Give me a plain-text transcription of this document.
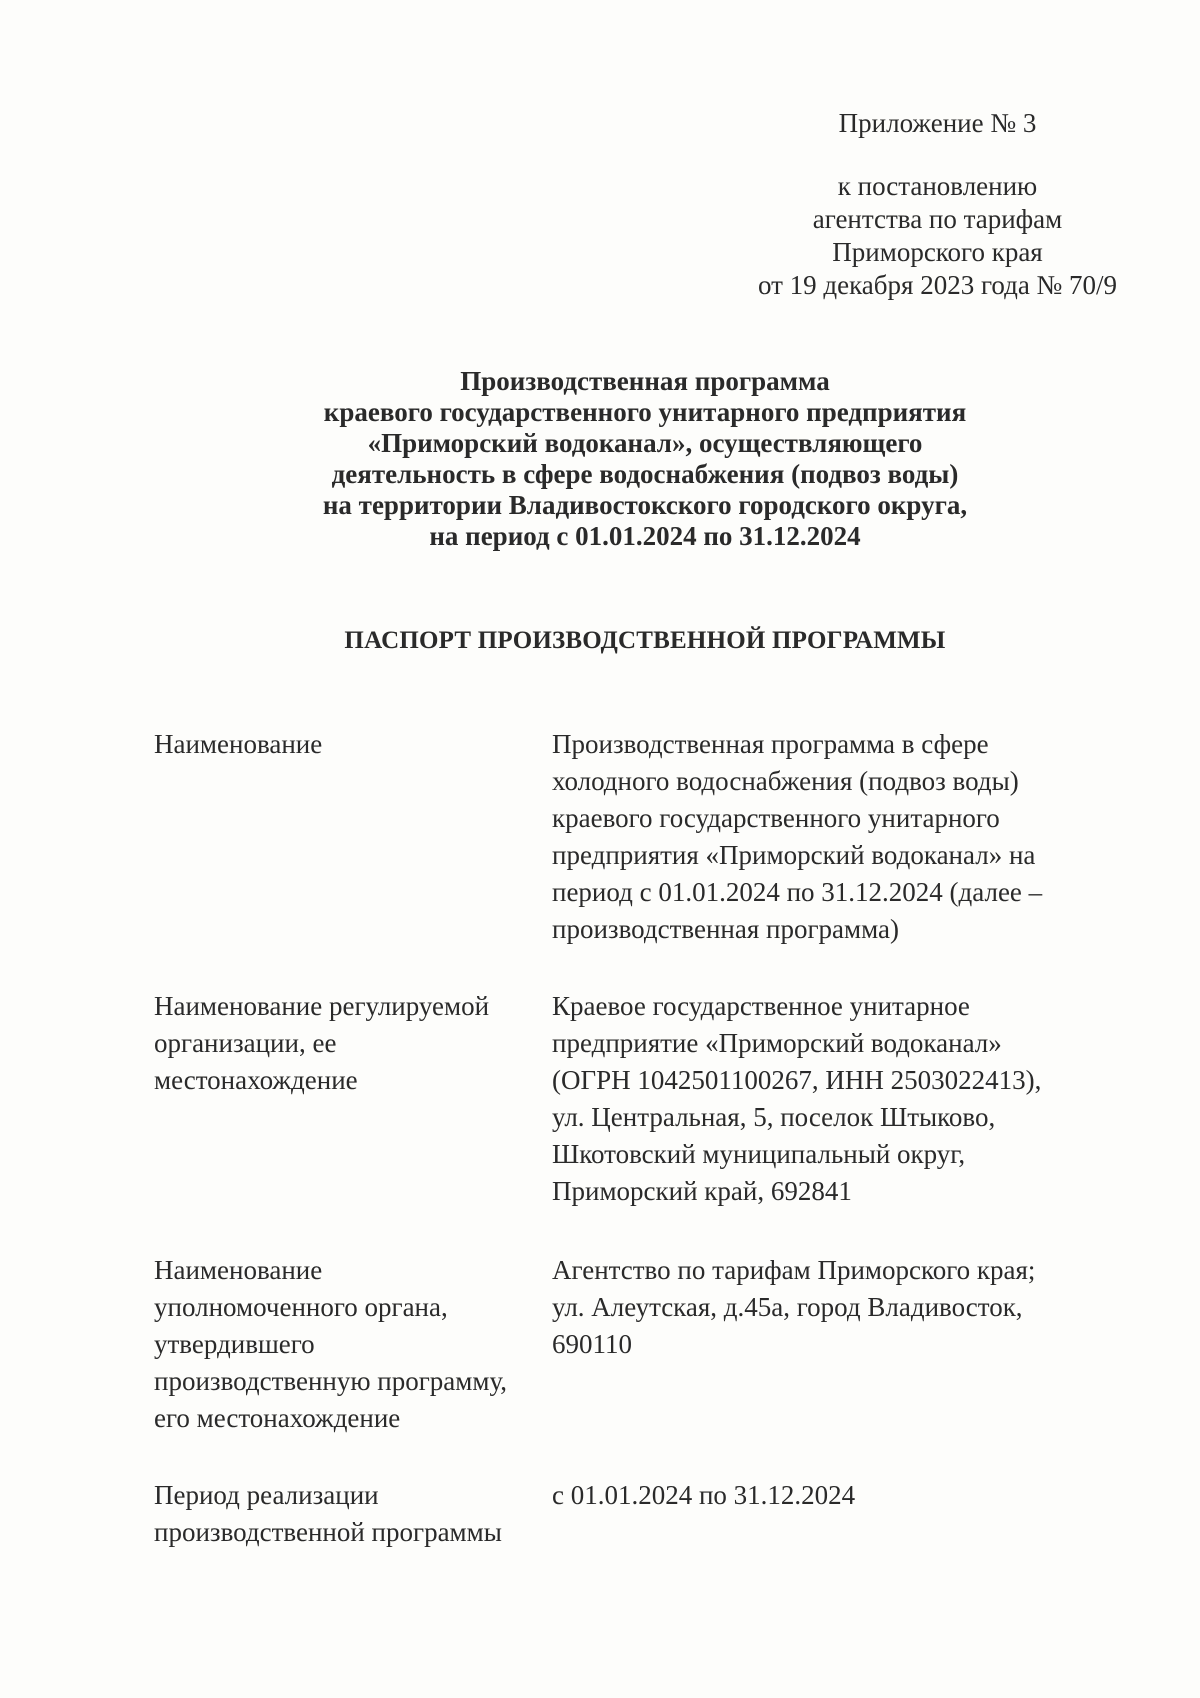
Приложение № 3
к постановлению
агентства по тарифам
Приморского края
от 19 декабря 2023 года № 70/9
Производственная программа
краевого государственного унитарного предприятия
«Приморский водоканал», осуществляющего
деятельность в сфере водоснабжения (подвоз воды)
на территории Владивостокского городского округа,
на период с 01.01.2024 по 31.12.2024
ПАСПОРТ ПРОИЗВОДСТВЕННОЙ ПРОГРАММЫ
Наименование	Производственная программа в сфере
холодного водоснабжения (подвоз воды)
краевого государственного унитарного
предприятия «Приморский водоканал» на
период с 01.01.2024 по 31.12.2024 (далее –
производственная программа)
Наименование регулируемой
организации, ее
местонахождение
Краевое государственное унитарное
предприятие «Приморский водоканал»
(ОГРН 1042501100267, ИНН 2503022413),
ул. Центральная, 5, поселок Штыково,
Шкотовский муниципальный округ,
Приморский край, 692841
Наименование
уполномоченного органа,
утвердившего
производственную программу,
его местонахождение
Агентство по тарифам Приморского края;
ул. Алеутская, д.45а, город Владивосток,
690110
Период реализации
производственной программы
с 01.01.2024 по 31.12.2024
